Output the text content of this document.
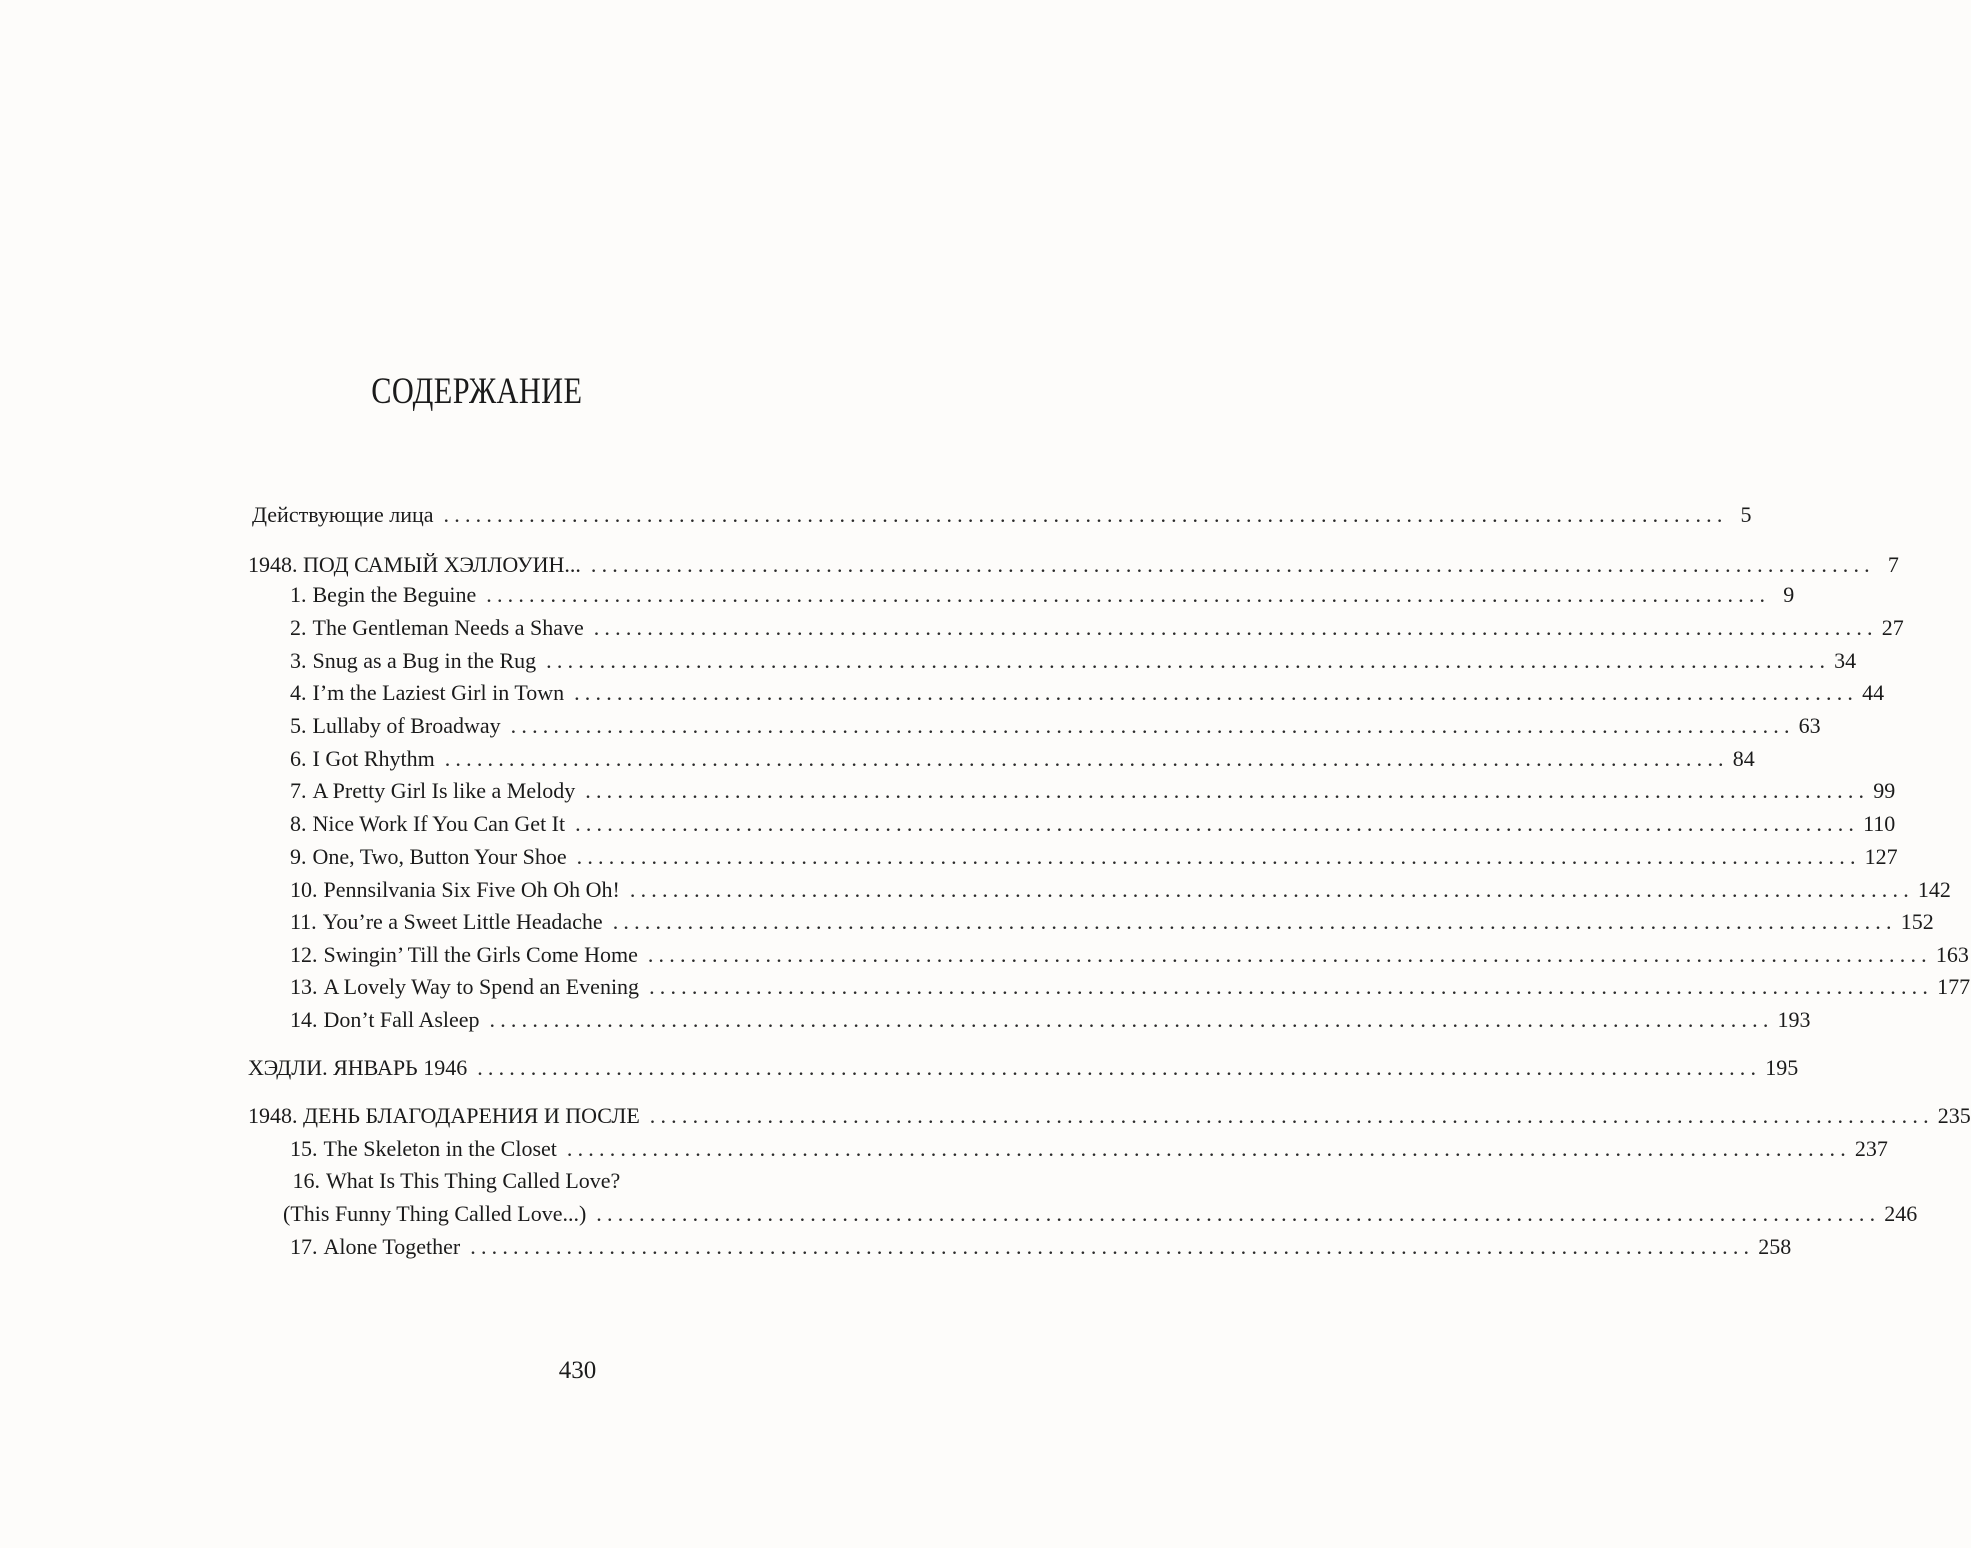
СОДЕРЖАНИЕ
Действующие лица ........................................................................................................................ 5
1948. ПОД САМЫЙ ХЭЛЛОУИН... ........................................................................................................................ 7
1. Begin the Beguine ........................................................................................................................ 9
2. The Gentleman Needs a Shave ........................................................................................................................ 27
3. Snug as a Bug in the Rug ........................................................................................................................ 34
4. I’m the Laziest Girl in Town ........................................................................................................................ 44
5. Lullaby of Broadway ........................................................................................................................ 63
6. I Got Rhythm ........................................................................................................................ 84
7. A Pretty Girl Is like a Melody ........................................................................................................................ 99
8. Nice Work If You Can Get It ........................................................................................................................ 110
9. One, Two, Button Your Shoe ........................................................................................................................ 127
10. Pennsilvania Six Five Oh Oh Oh! ........................................................................................................................ 142
11. You’re a Sweet Little Headache ........................................................................................................................ 152
12. Swingin’ Till the Girls Come Home ........................................................................................................................ 163
13. A Lovely Way to Spend an Evening ........................................................................................................................ 177
14. Don’t Fall Asleep ........................................................................................................................ 193
ХЭДЛИ. ЯНВАРЬ 1946 ........................................................................................................................ 195
1948. ДЕНЬ БЛАГОДАРЕНИЯ И ПОСЛЕ ........................................................................................................................ 235
15. The Skeleton in the Closet ........................................................................................................................ 237
16. What Is This Thing Called Love?
(This Funny Thing Called Love...) ........................................................................................................................ 246
17. Alone Together ........................................................................................................................ 258
430
